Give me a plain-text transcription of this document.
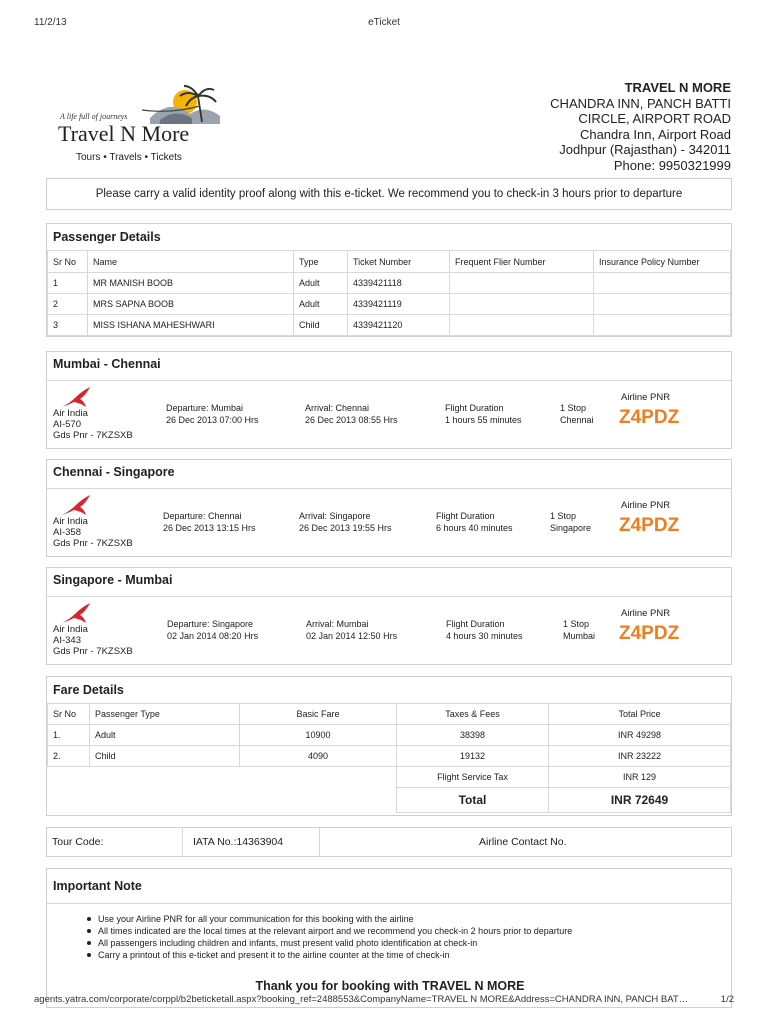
11/2/13	eTicket
A life full of journeys
Travel N More
Tours • Travels • Tickets
TRAVEL N MORE
CHANDRA INN, PANCH BATTI
CIRCLE, AIRPORT ROAD
Chandra Inn, Airport Road
Jodhpur (Rajasthan) - 342011
Phone: 9950321999
Please carry a valid identity proof along with this e-ticket. We recommend you to check-in 3 hours prior to departure
Passenger Details
Sr No	Name	Type	Ticket Number	Frequent Flier Number	Insurance Policy Number
1	MR MANISH BOOB	Adult	4339421118		
2	MRS SAPNA BOOB	Adult	4339421119		
3	MISS ISHANA MAHESHWARI	Child	4339421120		
Mumbai - Chennai
Air India
AI-570
Gds Pnr - 7KZSXB
Departure: Mumbai
26 Dec 2013 07:00 Hrs
Arrival: Chennai
26 Dec 2013 08:55 Hrs
Flight Duration
1 hours 55 minutes
1 Stop
Chennai
Airline PNR
Z4PDZ
Chennai - Singapore
Air India
AI-358
Gds Pnr - 7KZSXB
Departure: Chennai
26 Dec 2013 13:15 Hrs
Arrival: Singapore
26 Dec 2013 19:55 Hrs
Flight Duration
6 hours 40 minutes
1 Stop
Singapore
Airline PNR
Z4PDZ
Singapore - Mumbai
Air India
AI-343
Gds Pnr - 7KZSXB
Departure: Singapore
02 Jan 2014 08:20 Hrs
Arrival: Mumbai
02 Jan 2014 12:50 Hrs
Flight Duration
4 hours 30 minutes
1 Stop
Mumbai
Airline PNR
Z4PDZ
Fare Details
Sr No	Passenger Type	Basic Fare	Taxes & Fees	Total Price
1.	Adult	10900	38398	INR 49298
2.	Child	4090	19132	INR 23222
			Flight Service Tax	INR 129
			Total	INR 72649
Tour Code:	IATA No.:14363904	Airline Contact No.
Important Note
Use your Airline PNR for all your communication for this booking with the airline
All times indicated are the local times at the relevant airport and we recommend you check-in 2 hours prior to departure
All passengers including children and infants, must present valid photo identification at check-in
Carry a printout of this e-ticket and present it to the airline counter at the time of check-in
Thank you for booking with TRAVEL N MORE
agents.yatra.com/corporate/corppl/b2beticketall.aspx?booking_ref=2488553&CompanyName=TRAVEL N MORE&Address=CHANDRA INN, PANCH BAT…	1/2
